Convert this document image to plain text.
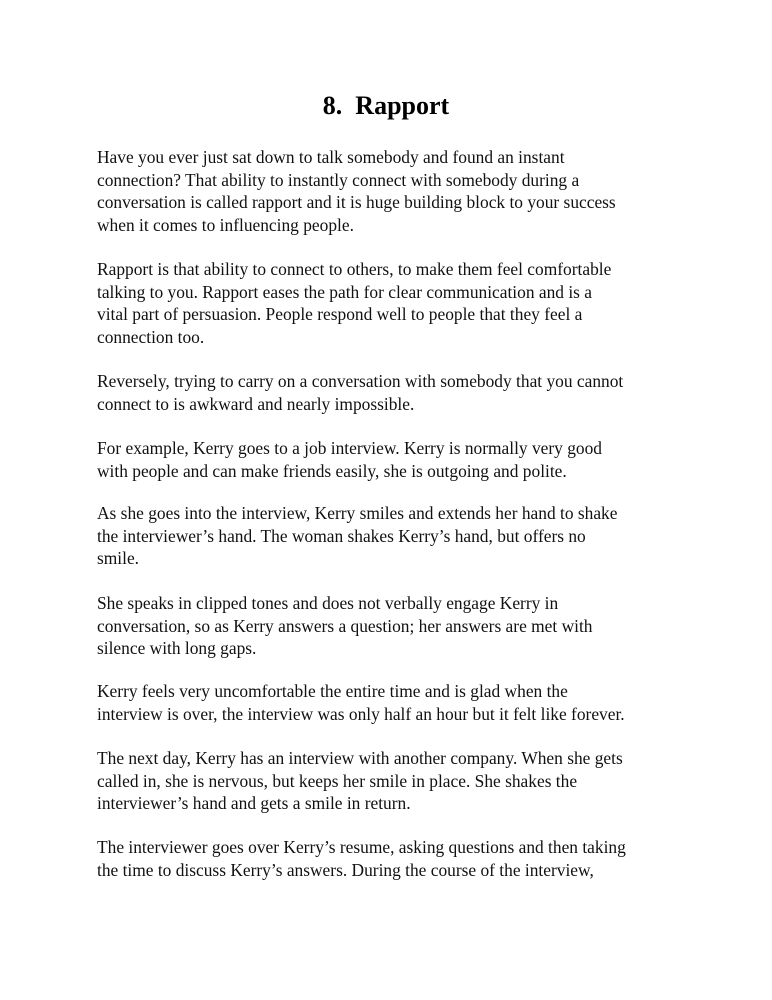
8.  Rapport

Have you ever just sat down to talk somebody and found an instant
connection? That ability to instantly connect with somebody during a
conversation is called rapport and it is huge building block to your success
when it comes to influencing people.

Rapport is that ability to connect to others, to make them feel comfortable
talking to you. Rapport eases the path for clear communication and is a
vital part of persuasion. People respond well to people that they feel a
connection too.

Reversely, trying to carry on a conversation with somebody that you cannot
connect to is awkward and nearly impossible.

For example, Kerry goes to a job interview. Kerry is normally very good
with people and can make friends easily, she is outgoing and polite.

As she goes into the interview, Kerry smiles and extends her hand to shake
the interviewer’s hand. The woman shakes Kerry’s hand, but offers no
smile.

She speaks in clipped tones and does not verbally engage Kerry in
conversation, so as Kerry answers a question; her answers are met with
silence with long gaps.

Kerry feels very uncomfortable the entire time and is glad when the
interview is over, the interview was only half an hour but it felt like forever.

The next day, Kerry has an interview with another company. When she gets
called in, she is nervous, but keeps her smile in place. She shakes the
interviewer’s hand and gets a smile in return.

The interviewer goes over Kerry’s resume, asking questions and then taking
the time to discuss Kerry’s answers. During the course of the interview,
